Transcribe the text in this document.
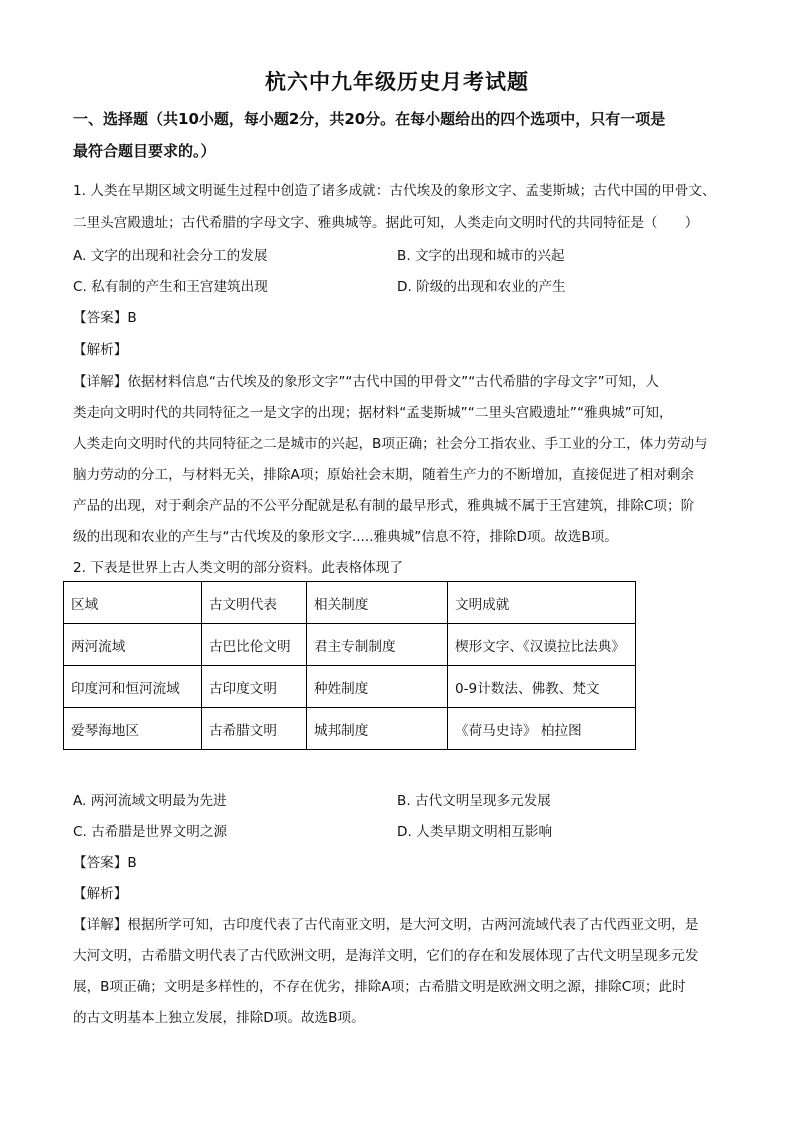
杭六中九年级历史月考试题
一、选择题（共10小题，每小题2分，共20分。在每小题给出的四个选项中，只有一项是
最符合题目要求的。）
1. 人类在早期区域文明诞生过程中创造了诸多成就：古代埃及的象形文字、孟斐斯城；古代中国的甲骨文、
二里头宫殿遗址；古代希腊的字母文字、雅典城等。据此可知，人类走向文明时代的共同特征是（　　）
A. 文字的出现和社会分工的发展	B. 文字的出现和城市的兴起
C. 私有制的产生和王宫建筑出现	D. 阶级的出现和农业的产生
【答案】B
【解析】
【详解】依据材料信息“古代埃及的象形文字”“古代中国的甲骨文”“古代希腊的字母文字”可知，人
类走向文明时代的共同特征之一是文字的出现；据材料“孟斐斯城”“二里头宫殿遗址”“雅典城”可知，
人类走向文明时代的共同特征之二是城市的兴起，B项正确；社会分工指农业、手工业的分工，体力劳动与
脑力劳动的分工，与材料无关，排除A项；原始社会末期，随着生产力的不断增加，直接促进了相对剩余
产品的出现，对于剩余产品的不公平分配就是私有制的最早形式，雅典城不属于王宫建筑，排除C项；阶
级的出现和农业的产生与“古代埃及的象形文字.....雅典城”信息不符，排除D项。故选B项。
2. 下表是世界上古人类文明的部分资料。此表格体现了
区域	古文明代表	相关制度	文明成就
两河流域	古巴比伦文明	君主专制制度	楔形文字、《汉谟拉比法典》
印度河和恒河流域	古印度文明	种姓制度	0-9计数法、佛教、梵文
爱琴海地区	古希腊文明	城邦制度	《荷马史诗》 柏拉图
A. 两河流域文明最为先进	B. 古代文明呈现多元发展
C. 古希腊是世界文明之源	D. 人类早期文明相互影响
【答案】B
【解析】
【详解】根据所学可知，古印度代表了古代南亚文明，是大河文明，古两河流域代表了古代西亚文明，是
大河文明，古希腊文明代表了古代欧洲文明，是海洋文明，它们的存在和发展体现了古代文明呈现多元发
展，B项正确；文明是多样性的，不存在优劣，排除A项；古希腊文明是欧洲文明之源，排除C项；此时
的古文明基本上独立发展，排除D项。故选B项。
